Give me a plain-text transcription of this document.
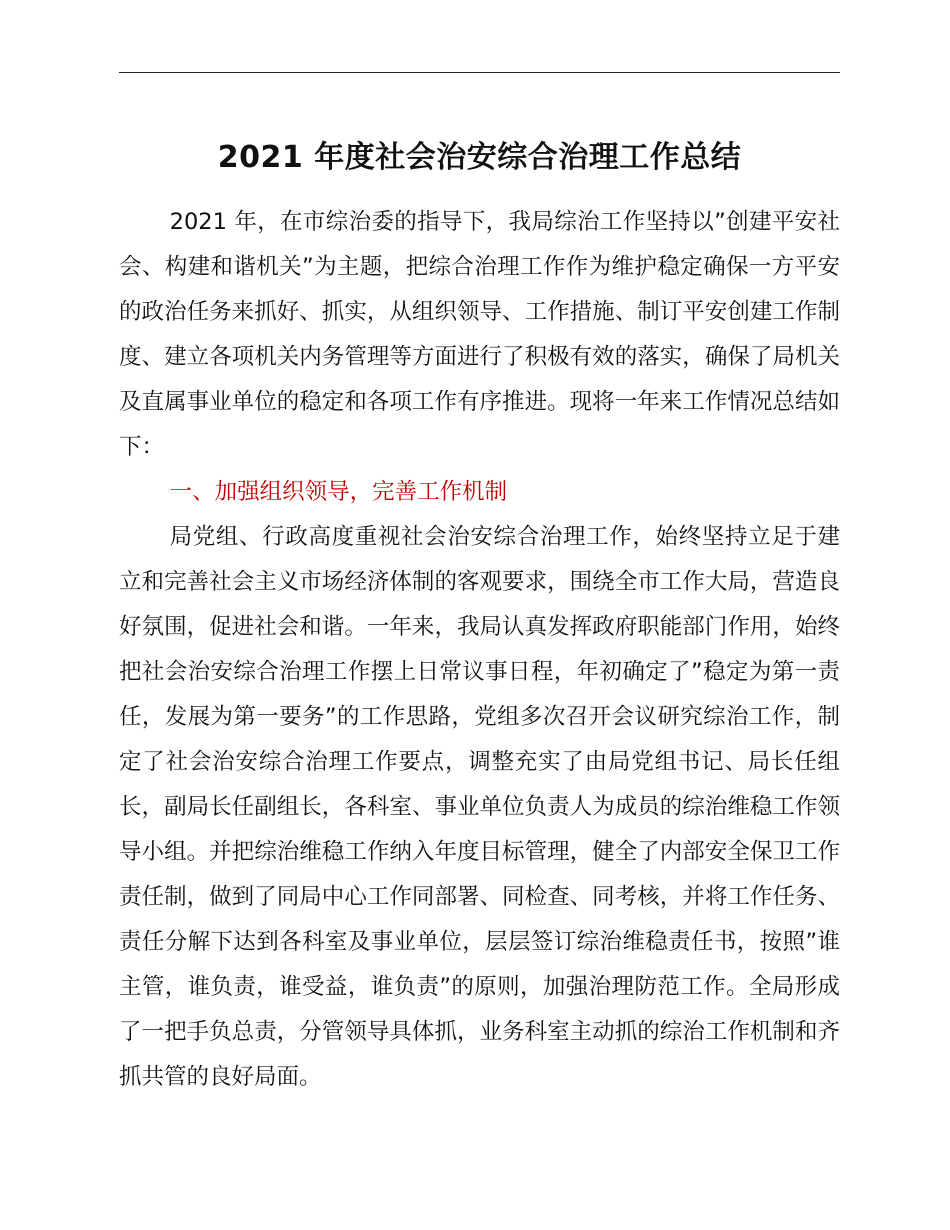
2021 年度社会治安综合治理工作总结

2021 年，在市综治委的指导下，我局综治工作坚持以”创建平安社会、构建和谐机关”为主题，把综合治理工作作为维护稳定确保一方平安的政治任务来抓好、抓实，从组织领导、工作措施、制订平安创建工作制度、建立各项机关内务管理等方面进行了积极有效的落实，确保了局机关及直属事业单位的稳定和各项工作有序推进。现将一年来工作情况总结如下：

一、加强组织领导，完善工作机制

局党组、行政高度重视社会治安综合治理工作，始终坚持立足于建立和完善社会主义市场经济体制的客观要求，围绕全市工作大局，营造良好氛围，促进社会和谐。一年来，我局认真发挥政府职能部门作用，始终把社会治安综合治理工作摆上日常议事日程，年初确定了”稳定为第一责任，发展为第一要务”的工作思路，党组多次召开会议研究综治工作，制定了社会治安综合治理工作要点，调整充实了由局党组书记、局长任组长，副局长任副组长，各科室、事业单位负责人为成员的综治维稳工作领导小组。并把综治维稳工作纳入年度目标管理，健全了内部安全保卫工作责任制，做到了同局中心工作同部署、同检查、同考核，并将工作任务、责任分解下达到各科室及事业单位，层层签订综治维稳责任书，按照”谁主管，谁负责，谁受益，谁负责”的原则，加强治理防范工作。全局形成了一把手负总责，分管领导具体抓，业务科室主动抓的综治工作机制和齐抓共管的良好局面。
